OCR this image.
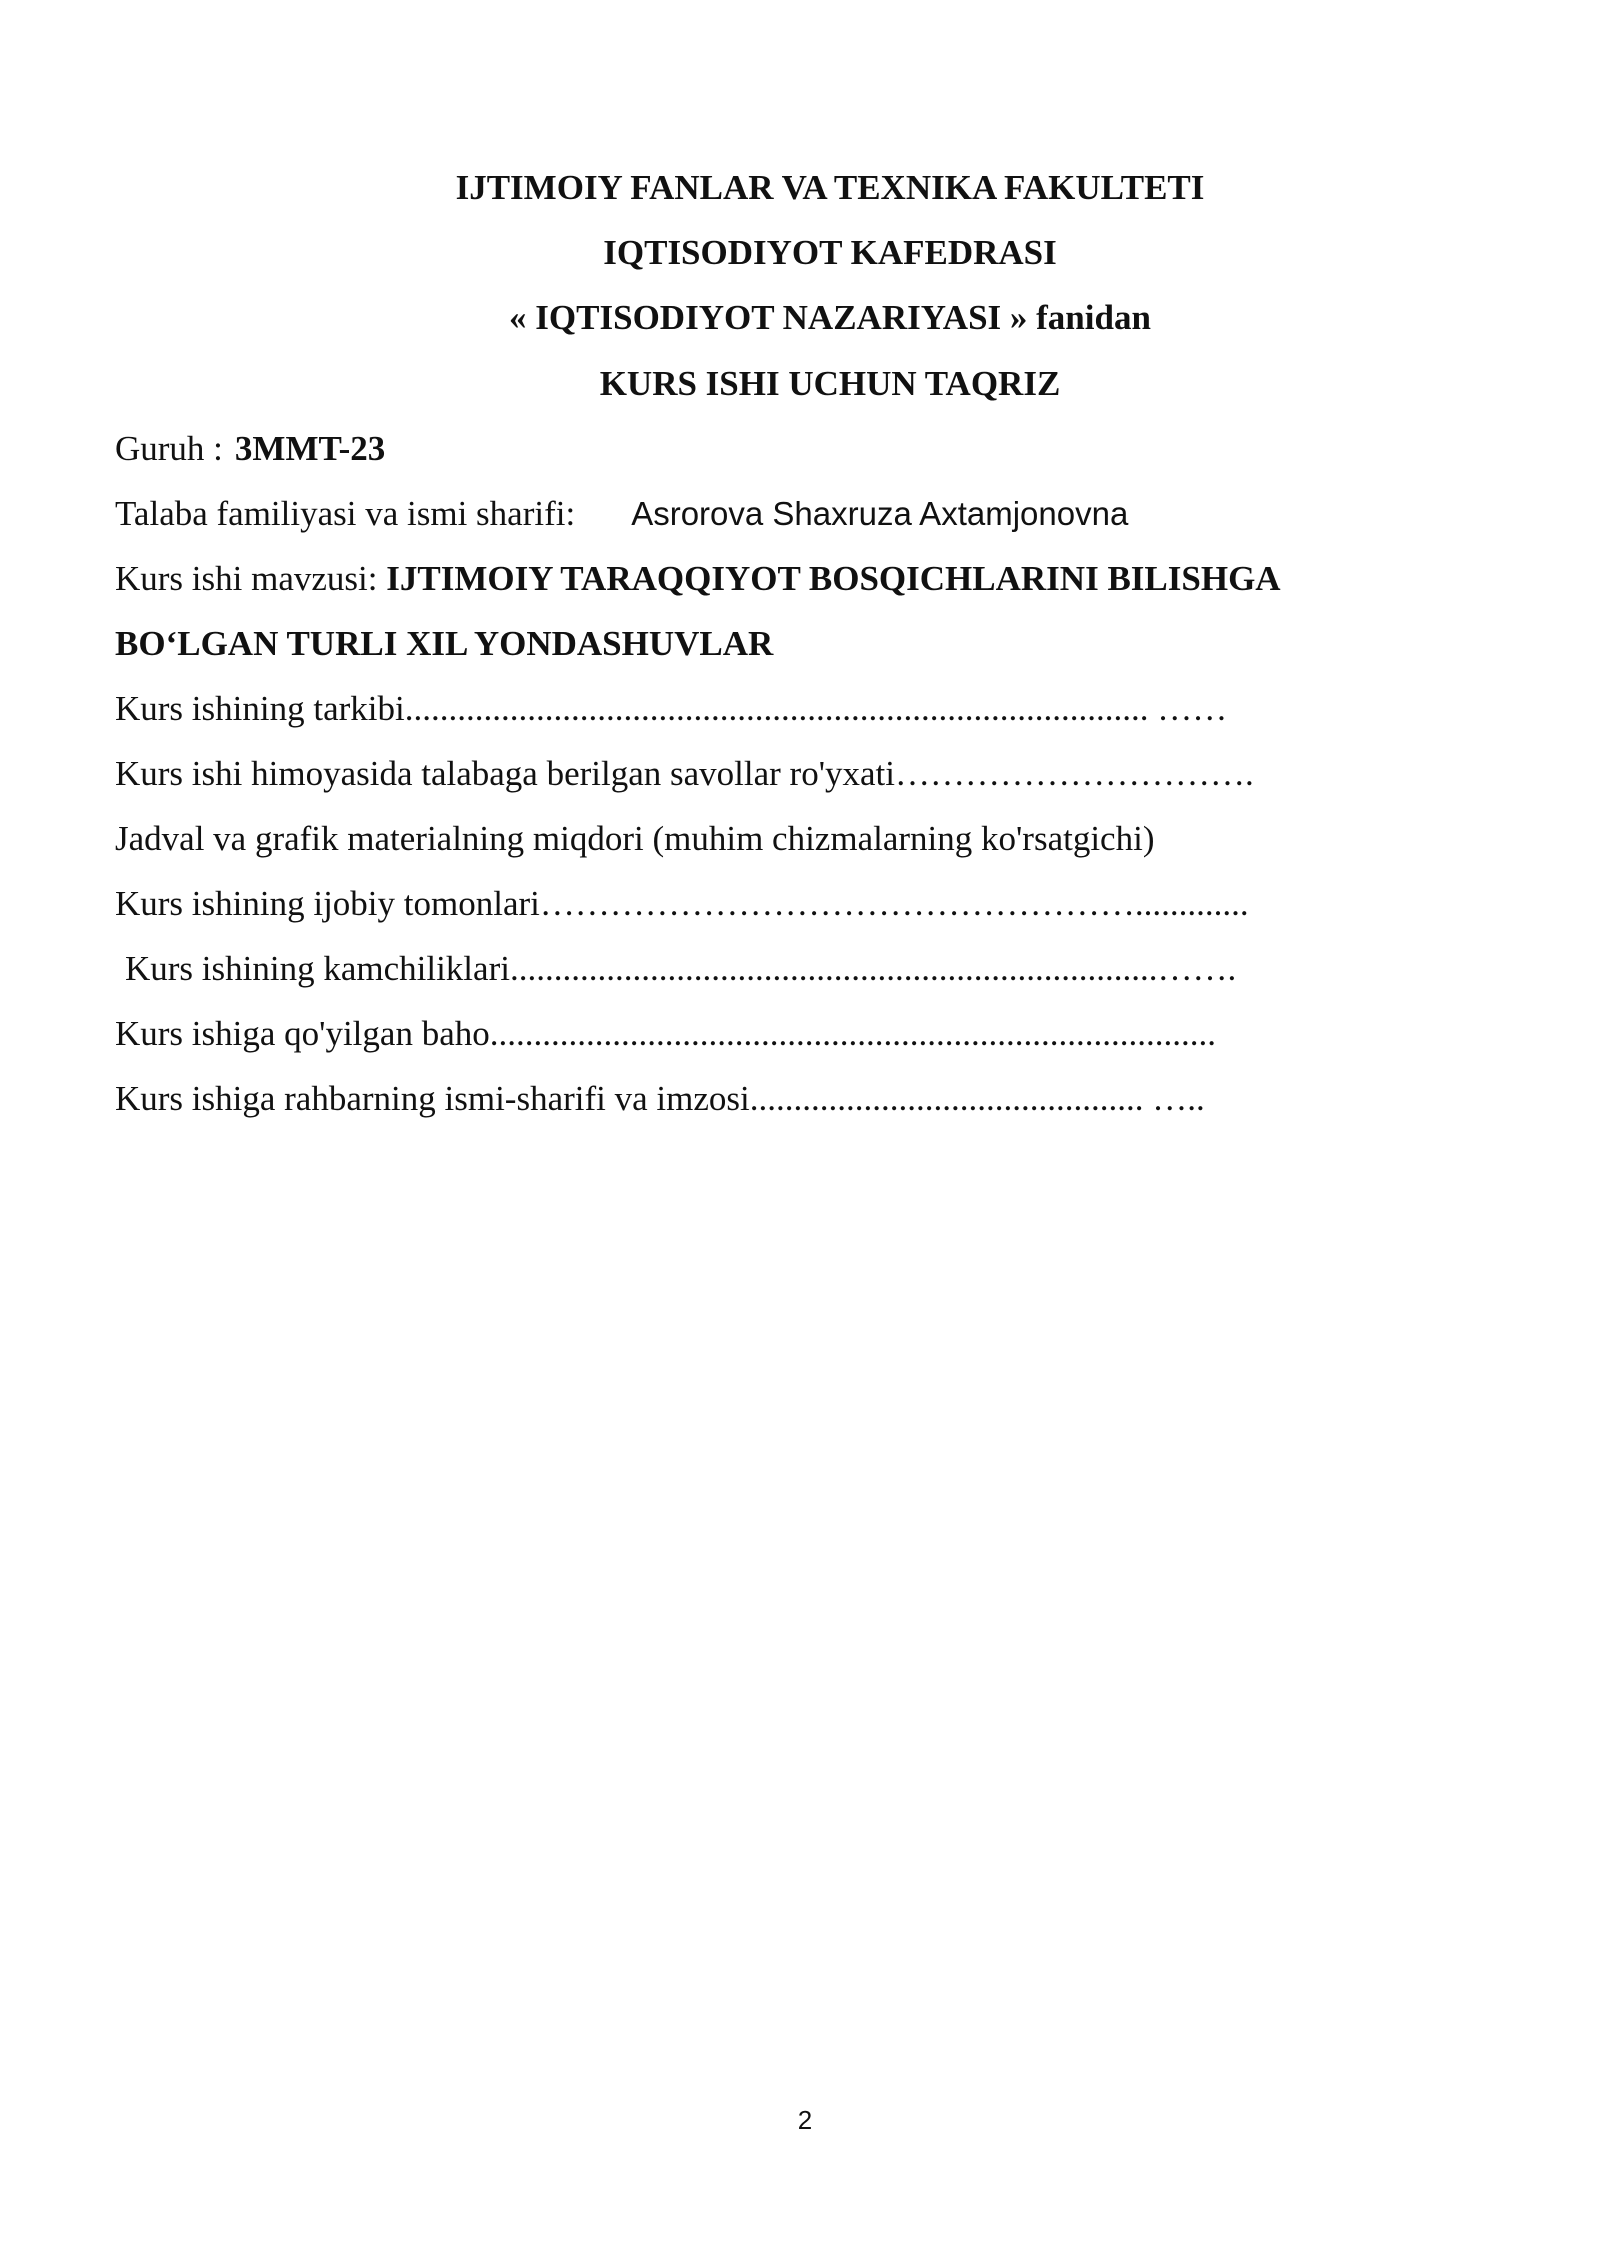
IJTIMOIY FANLAR VA TEXNIKA FAKULTETI
IQTISODIYOT KAFEDRASI
« IQTISODIYOT NAZARIYASI » fanidan
KURS ISHI UCHUN TAQRIZ
Guruh : 3MMT-23
Talaba familiyasi va ismi sharifi: Asrorova Shaxruza Axtamjonovna
Kurs ishi mavzusi: IJTIMOIY TARAQQIYOT BOSQICHLARINI BILISHGA
BO‘LGAN TURLI XIL YONDASHUVLAR
Kurs ishining tarkibi..................................................................................... ……
Kurs ishi himoyasida talabaga berilgan savollar ro'yxati………………………….
Jadval va grafik materialning miqdori (muhim chizmalarning ko'rsatgichi)
Kurs ishining ijobiy tomonlari…………………………………………….............
Kurs ishining kamchiliklari..........................................................................…….
Kurs ishiga qo'yilgan baho...................................................................................
Kurs ishiga rahbarning ismi-sharifi va imzosi............................................. …..
2
